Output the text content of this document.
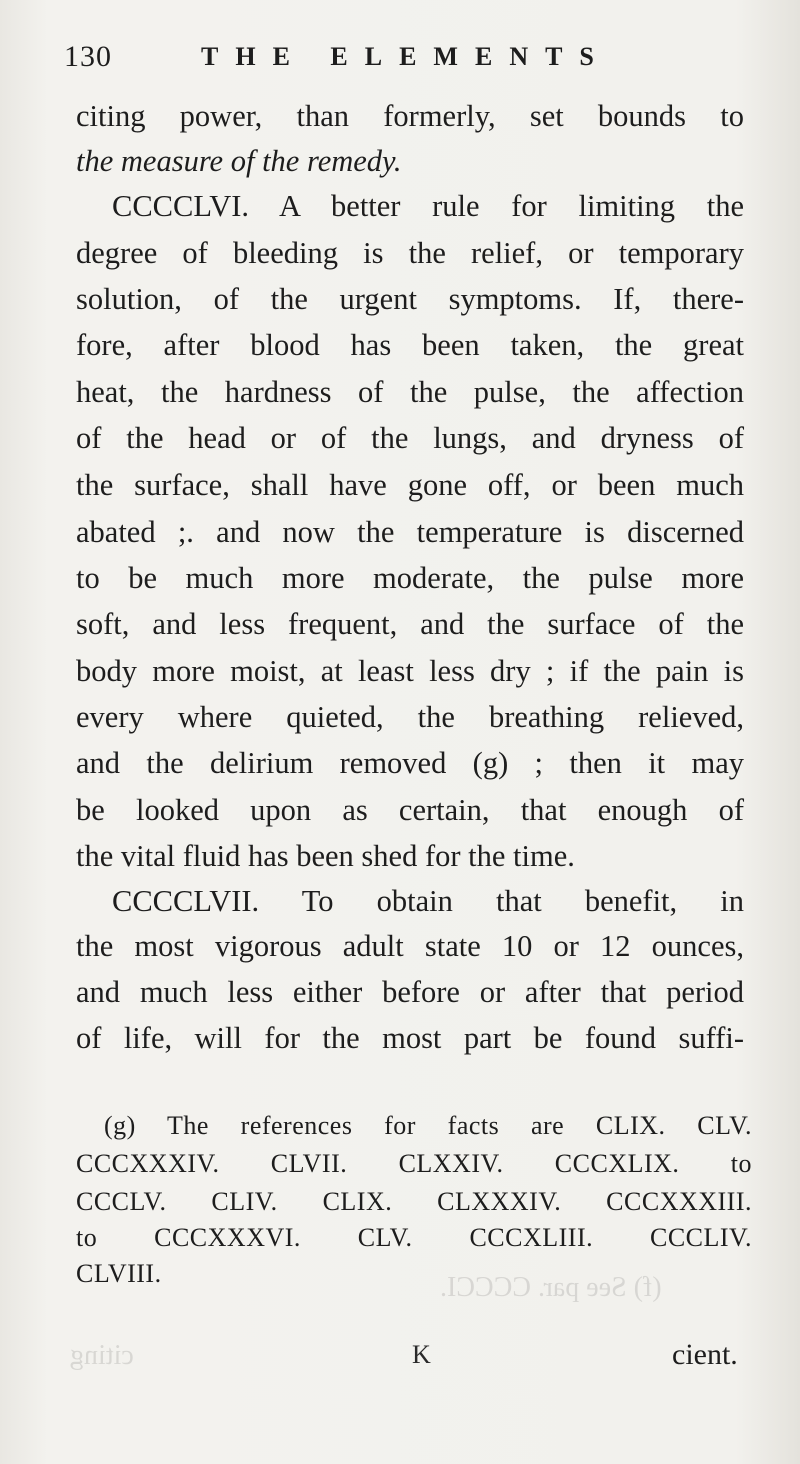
130	THE ELEMENTS
(f) See par. CCCCI.
citing
citing power, than formerly, set bounds to
the measure of the remedy.
CCCCLVI. A better rule for limiting the
degree of bleeding is the relief, or temporary
solution, of the urgent symptoms. If, there-
fore, after blood has been taken, the great
heat, the hardness of the pulse, the affection
of the head or of the lungs, and dryness of
the surface, shall have gone off, or been much
abated ;. and now the temperature is discerned
to be much more moderate, the pulse more
soft, and less frequent, and the surface of the
body more moist, at least less dry ; if the pain is
every where quieted, the breathing relieved,
and the delirium removed (g) ; then it may
be looked upon as certain, that enough of
the vital fluid has been shed for the time.
CCCCLVII. To obtain that benefit, in
the most vigorous adult state 10 or 12 ounces,
and much less either before or after that period
of life, will for the most part be found suffi-
(g) The references for facts are CLIX. CLV.
CCCXXXIV. CLVII. CLXXIV. CCCXLIX. to
CCCLV. CLIV. CLIX. CLXXXIV. CCCXXXIII.
to CCCXXXVI. CLV. CCCXLIII. CCCLIV.
CLVIII.
K	cient.
